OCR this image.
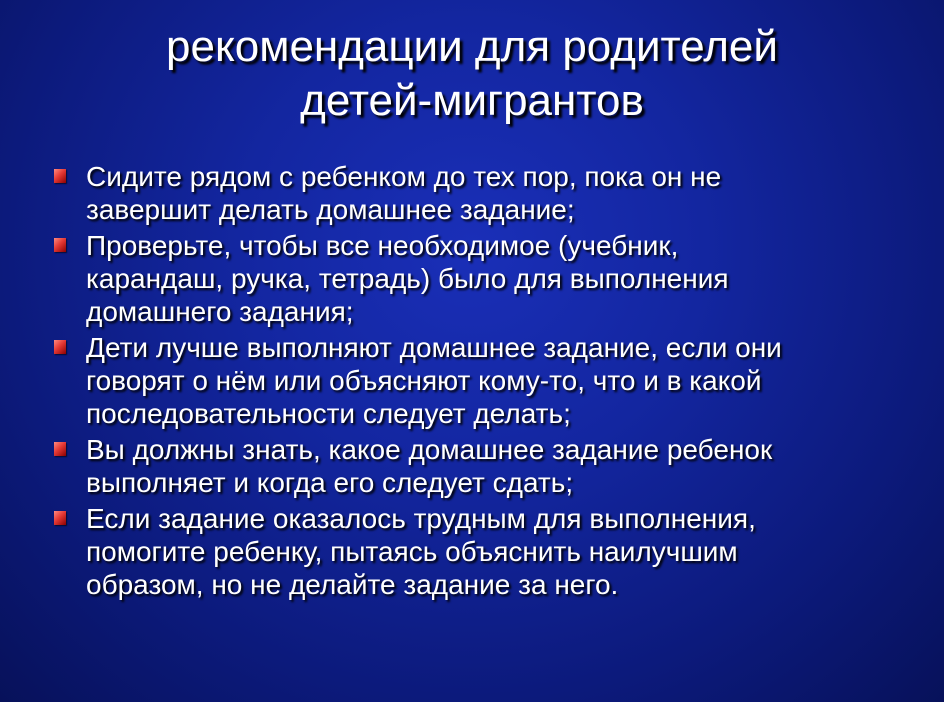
рекомендации для родителей
детей-мигрантов
Сидите рядом с ребенком до тех пор, пока он не
завершит делать домашнее задание;
Проверьте, чтобы все необходимое (учебник,
карандаш, ручка, тетрадь) было для выполнения
домашнего задания;
Дети лучше выполняют домашнее задание, если они
говорят о нём или объясняют кому-то, что и в какой
последовательности следует делать;
Вы должны знать, какое домашнее задание ребенок
выполняет и когда его следует сдать;
Если задание оказалось трудным для выполнения,
помогите ребенку, пытаясь объяснить наилучшим
образом, но не делайте задание за него.
